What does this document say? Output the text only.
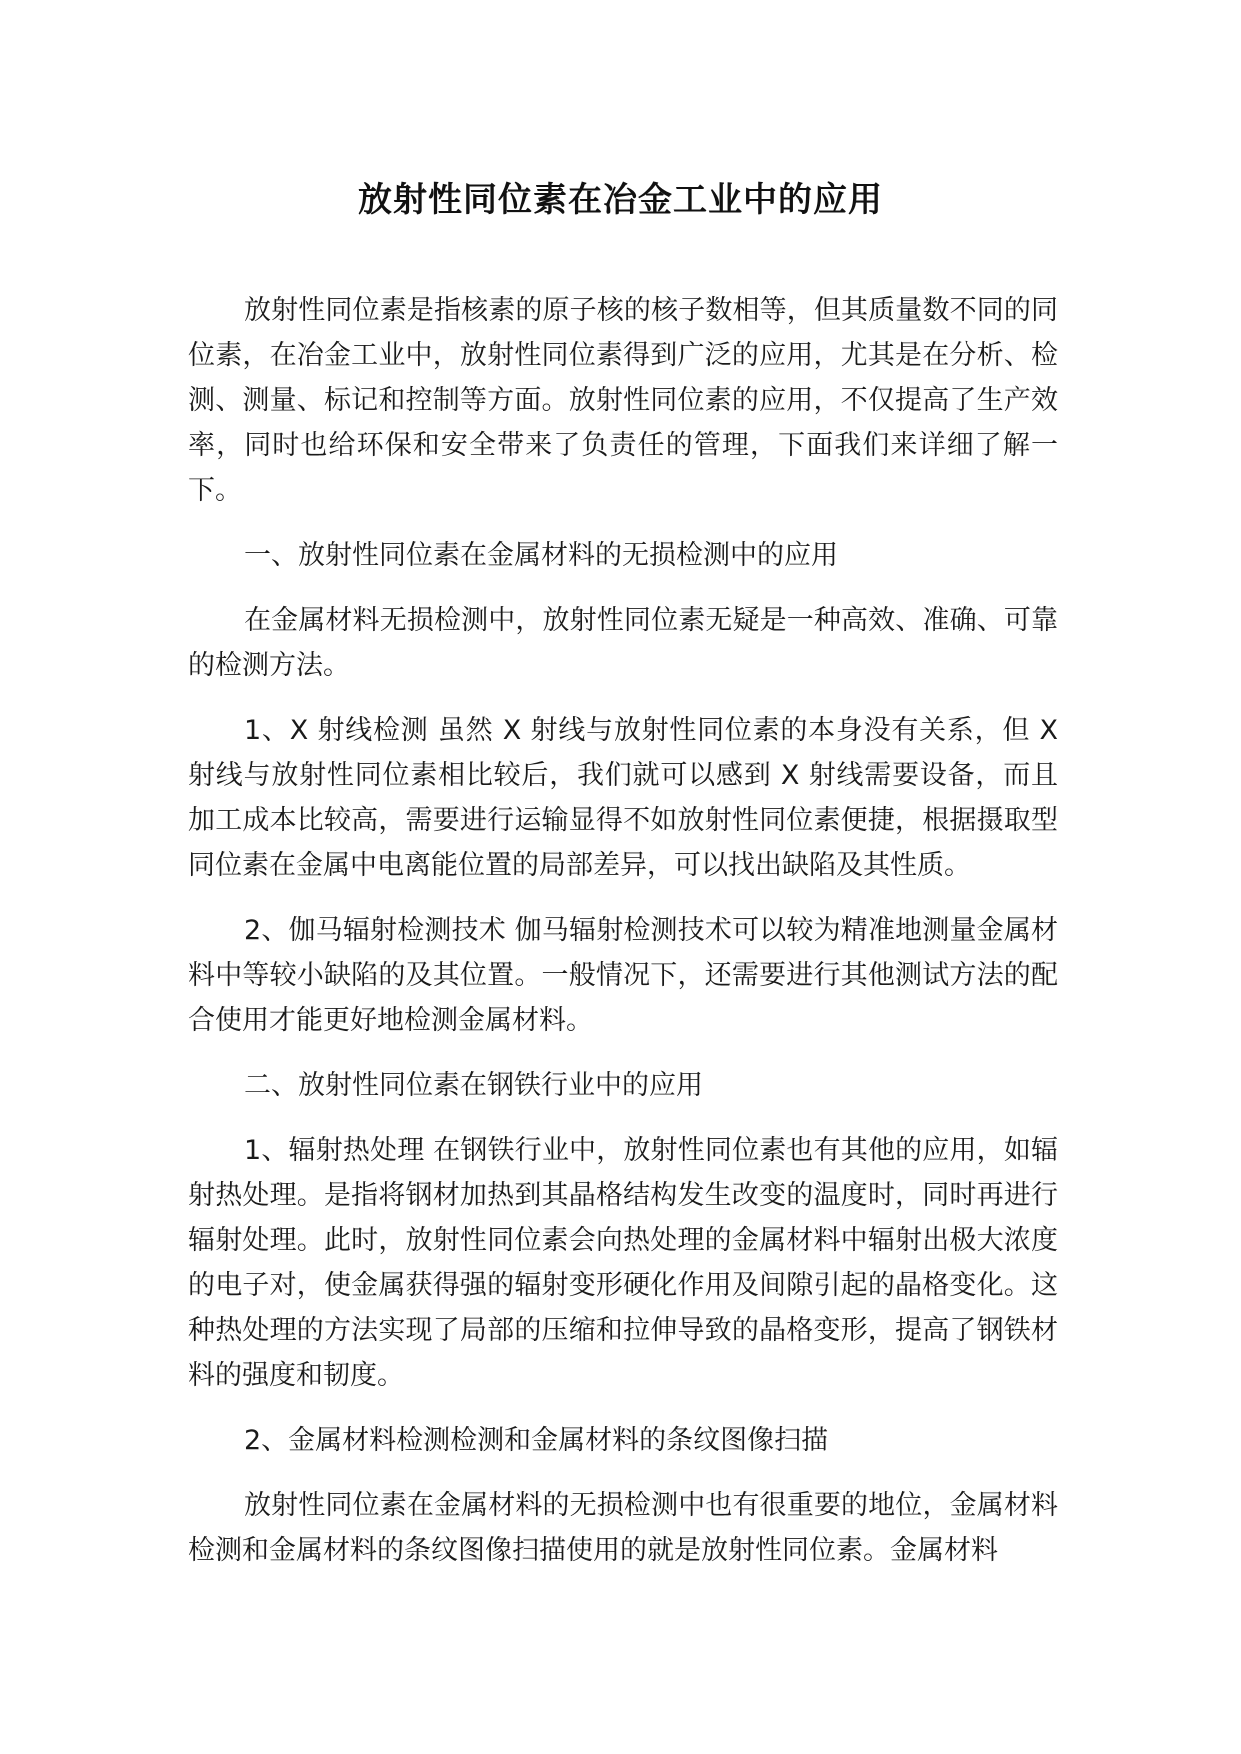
放射性同位素在冶金工业中的应用

放射性同位素是指核素的原子核的核子数相等，但其质量数不同的同位素，在冶金工业中，放射性同位素得到广泛的应用，尤其是在分析、检测、测量、标记和控制等方面。放射性同位素的应用，不仅提高了生产效率，同时也给环保和安全带来了负责任的管理，下面我们来详细了解一下。

一、放射性同位素在金属材料的无损检测中的应用

在金属材料无损检测中，放射性同位素无疑是一种高效、准确、可靠的检测方法。

1、X 射线检测 虽然 X 射线与放射性同位素的本身没有关系，但 X 射线与放射性同位素相比较后，我们就可以感到 X 射线需要设备，而且加工成本比较高，需要进行运输显得不如放射性同位素便捷，根据摄取型同位素在金属中电离能位置的局部差异，可以找出缺陷及其性质。

2、伽马辐射检测技术 伽马辐射检测技术可以较为精准地测量金属材料中等较小缺陷的及其位置。一般情况下，还需要进行其他测试方法的配合使用才能更好地检测金属材料。

二、放射性同位素在钢铁行业中的应用

1、辐射热处理 在钢铁行业中，放射性同位素也有其他的应用，如辐射热处理。是指将钢材加热到其晶格结构发生改变的温度时，同时再进行辐射处理。此时，放射性同位素会向热处理的金属材料中辐射出极大浓度的电子对，使金属获得强的辐射变形硬化作用及间隙引起的晶格变化。这种热处理的方法实现了局部的压缩和拉伸导致的晶格变形，提高了钢铁材料的强度和韧度。

2、金属材料检测检测和金属材料的条纹图像扫描

放射性同位素在金属材料的无损检测中也有很重要的地位，金属材料检测和金属材料的条纹图像扫描使用的就是放射性同位素。金属材料
